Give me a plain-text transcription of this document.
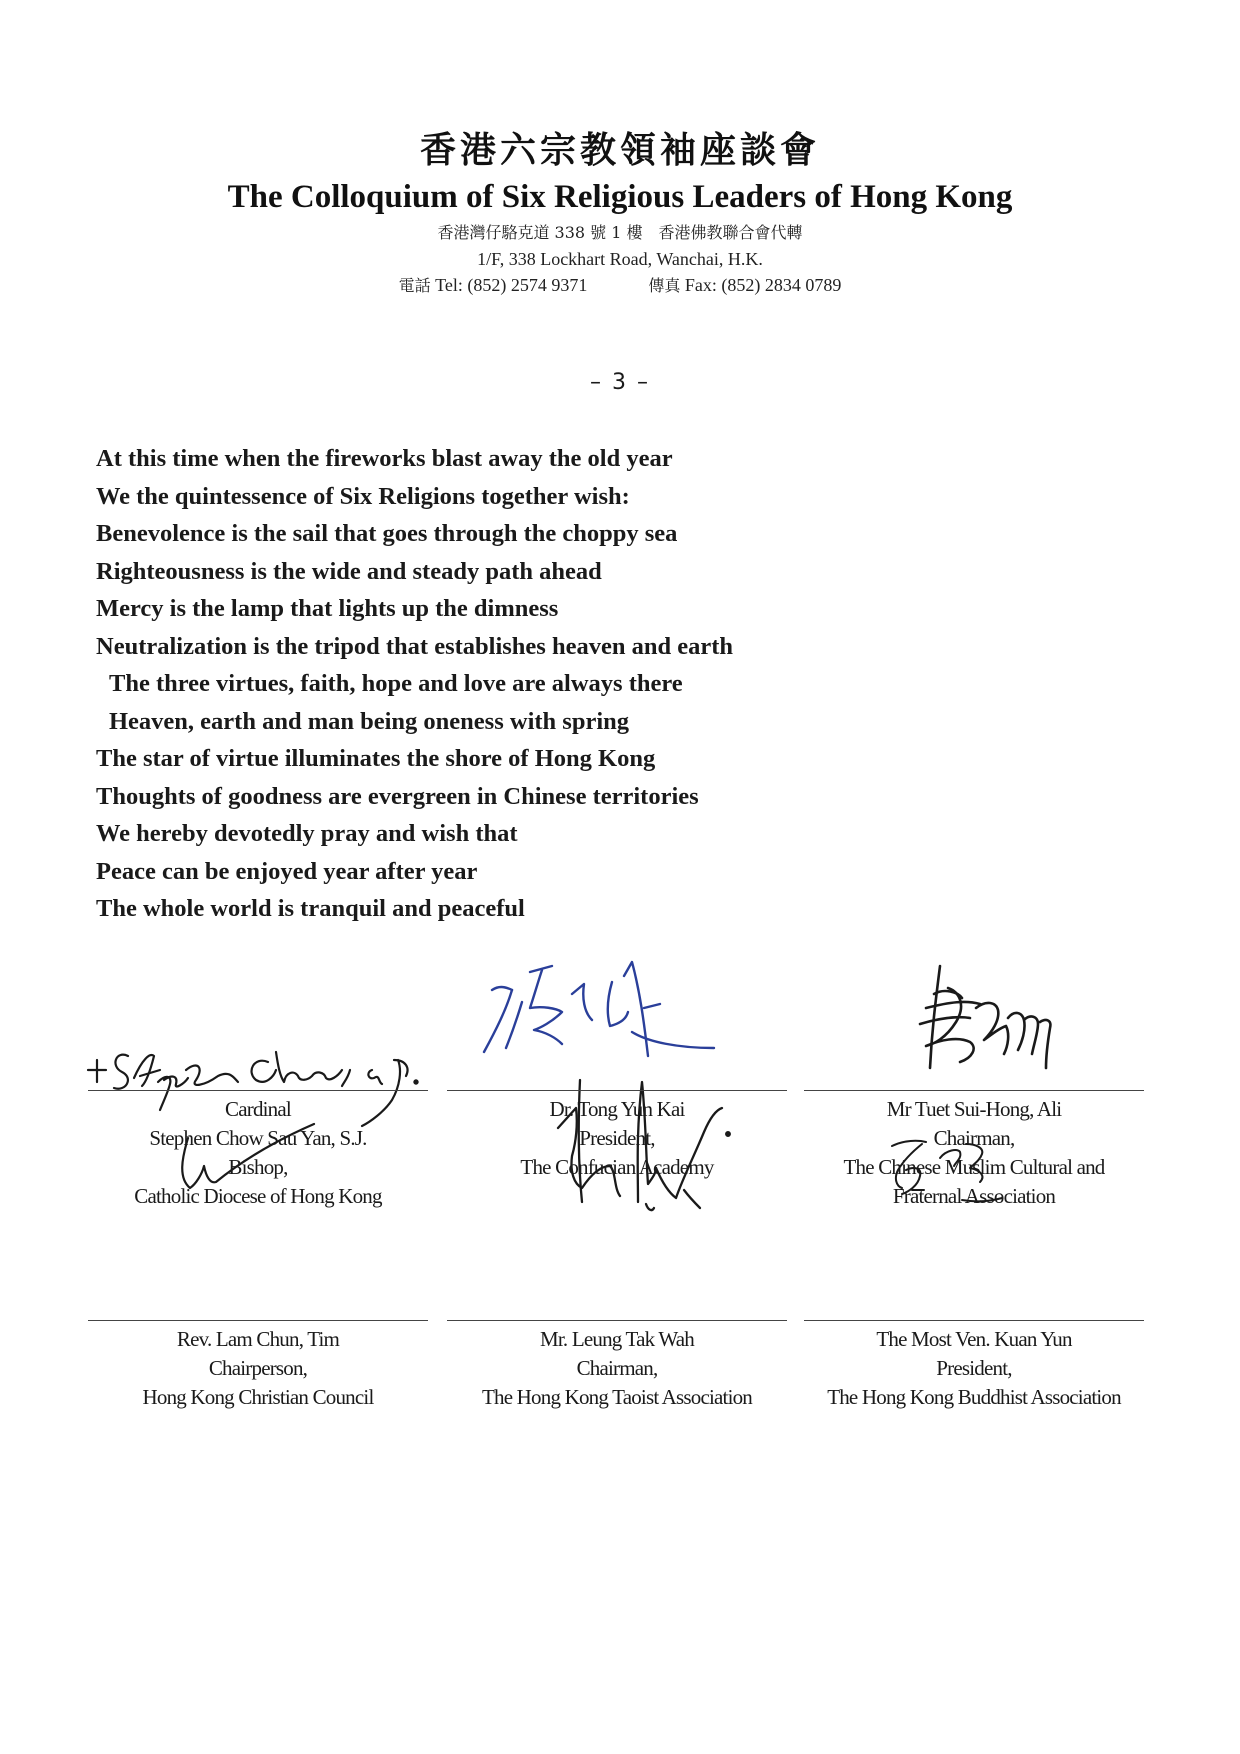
香港六宗教領袖座談會
The Colloquium of Six Religious Leaders of Hong Kong
香港灣仔駱克道 338 號 1 樓　香港佛教聯合會代轉
1/F, 338 Lockhart Road, Wanchai, H.K.
電話 Tel: (852) 2574 9371	傳真 Fax: (852) 2834 0789
– 3 –
At this time when the fireworks blast away the old year
We the quintessence of Six Religions together wish:
Benevolence is the sail that goes through the choppy sea
Righteousness is the wide and steady path ahead
Mercy is the lamp that lights up the dimness
Neutralization is the tripod that establishes heaven and earth
The three virtues, faith, hope and love are always there
Heaven, earth and man being oneness with spring
The star of virtue illuminates the shore of Hong Kong
Thoughts of goodness are evergreen in Chinese territories
We hereby devotedly pray and wish that
Peace can be enjoyed year after year
The whole world is tranquil and peaceful
Cardinal
Stephen Chow Sau Yan, S.J.
Bishop,
Catholic Diocese of Hong Kong
Dr. Tong Yun Kai
President,
The Confucian Academy
Mr Tuet Sui-Hong, Ali
Chairman,
The Chinese Muslim Cultural and
Fraternal Association
Rev. Lam Chun, Tim
Chairperson,
Hong Kong Christian Council
Mr. Leung Tak Wah
Chairman,
The Hong Kong Taoist Association
The Most Ven. Kuan Yun
President,
The Hong Kong Buddhist Association
